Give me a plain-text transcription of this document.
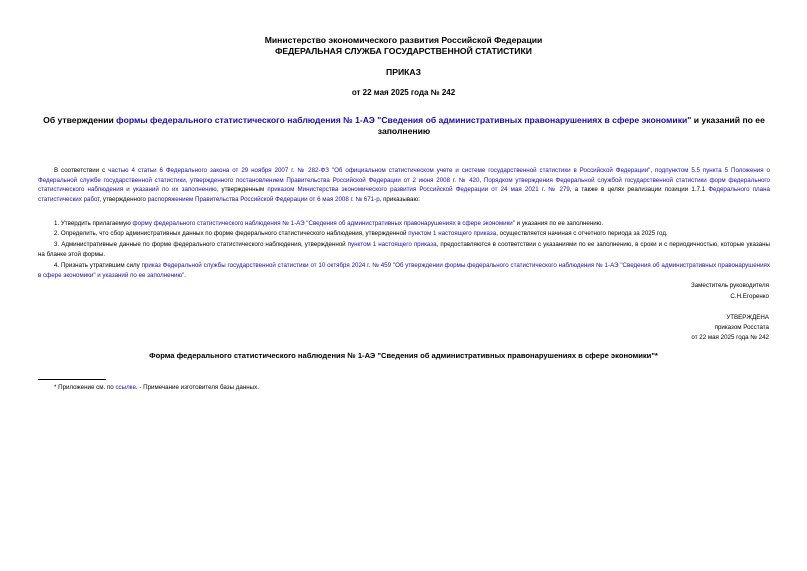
Министерство экономического развития Российской Федерации
ФЕДЕРАЛЬНАЯ СЛУЖБА ГОСУДАРСТВЕННОЙ СТАТИСТИКИ
ПРИКАЗ
от 22 мая 2025 года № 242
Об утверждении формы федерального статистического наблюдения № 1-АЭ "Сведения об административных правонарушениях в сфере экономики" и указаний по ее заполнению
В соответствии с частью 4 статьи 6 Федерального закона от 29 ноября 2007 г. № 282-ФЗ "Об официальном статистическом учете и системе государственной статистики в Российской Федерации", подпунктом 5.5 пункта 5 Положения о Федеральной службе государственной статистики, утвержденного постановлением Правительства Российской Федерации от 2 июня 2008 г. № 420, Порядком утверждения Федеральной службой государственной статистики форм федерального статистического наблюдения и указаний по их заполнению, утвержденным приказом Министерства экономического развития Российской Федерации от 24 мая 2021 г. № 279, а также в целях реализации позиции 1.7.1 Федерального плана статистических работ, утвержденного распоряжением Правительства Российской Федерации от 6 мая 2008 г. № 671-р, приказываю:
1. Утвердить прилагаемую форму федерального статистического наблюдения № 1-АЭ "Сведения об административных правонарушениях в сфере экономики" и указания по ее заполнению.
2. Определить, что сбор административных данных по форме федерального статистического наблюдения, утвержденной пунктом 1 настоящего приказа, осуществляется начиная с отчетного периода за 2025 год.
3. Административные данные по форме федерального статистического наблюдения, утвержденной пунктом 1 настоящего приказа, предоставляются в соответствии с указаниями по ее заполнению, в сроки и с периодичностью, которые указаны на бланке этой формы.
4. Признать утратившим силу приказ Федеральной службы государственной статистики от 10 октября 2024 г. № 459 "Об утверждении формы федерального статистического наблюдения № 1-АЭ "Сведения об административных правонарушениях в сфере экономики" и указаний по ее заполнению".
Заместитель руководителя
С.Н.Егоренко
УТВЕРЖДЕНА
приказом Росстата
от 22 мая 2025 года № 242
Форма федерального статистического наблюдения № 1-АЭ "Сведения об административных правонарушениях в сфере экономики"*
* Приложение см. по ссылке. - Примечание изготовителя базы данных.
